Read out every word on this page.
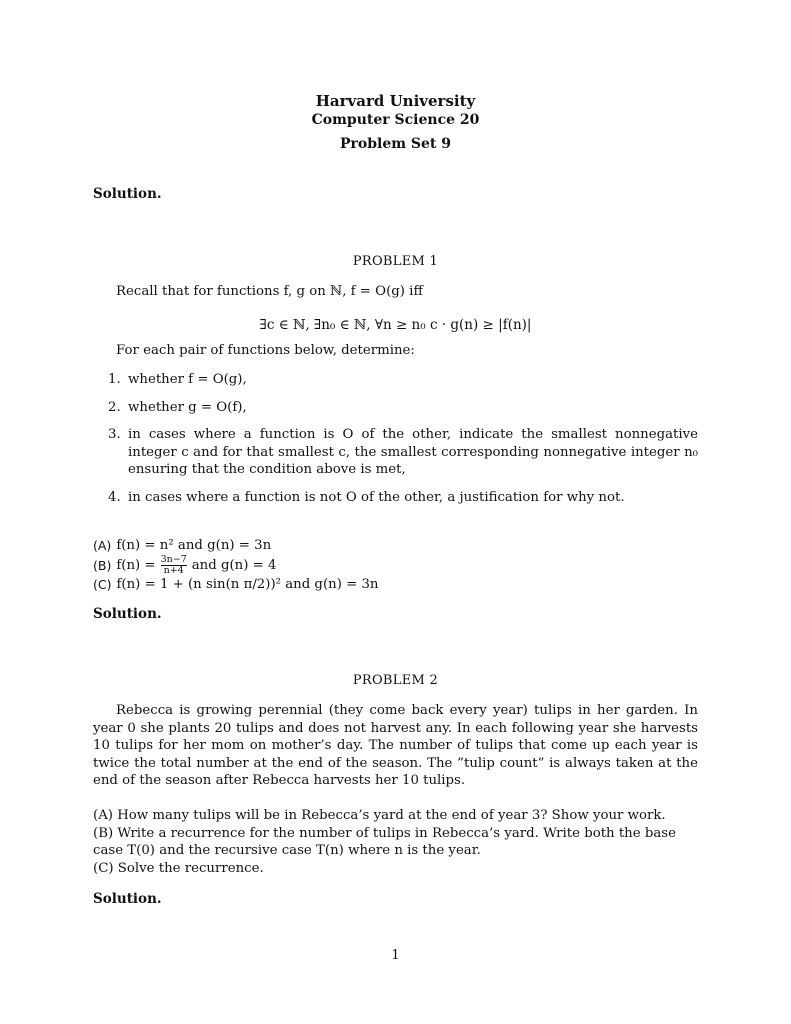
Harvard University
Computer Science 20
Problem Set 9
Solution.
PROBLEM 1
Recall that for functions f, g on ℕ, f = O(g) iff
∃c ∈ ℕ, ∃n₀ ∈ ℕ, ∀n ≥ n₀ c · g(n) ≥ |f(n)|
For each pair of functions below, determine:
1. whether f = O(g),
2. whether g = O(f),
3. in cases where a function is O of the other, indicate the smallest nonnegative integer c and for that smallest c, the smallest corresponding nonnegative integer n₀ ensuring that the condition above is met,
4. in cases where a function is not O of the other, a justification for why not.
(A) f(n) = n² and g(n) = 3n
(B) $f(n) = \frac{3n-7}{n+4}$ and g(n) = 4
(C) f(n) = 1 + (n sin(n π/2))² and g(n) = 3n
Solution.
PROBLEM 2
Rebecca is growing perennial (they come back every year) tulips in her garden. In year 0 she plants 20 tulips and does not harvest any. In each following year she harvests 10 tulips for her mom on mother’s day. The number of tulips that come up each year is twice the total number at the end of the season. The ”tulip count” is always taken at the end of the season after Rebecca harvests her 10 tulips.
(A) How many tulips will be in Rebecca’s yard at the end of year 3? Show your work.
(B) Write a recurrence for the number of tulips in Rebecca’s yard. Write both the base case T(0) and the recursive case T(n) where n is the year.
(C) Solve the recurrence.
Solution.
1
